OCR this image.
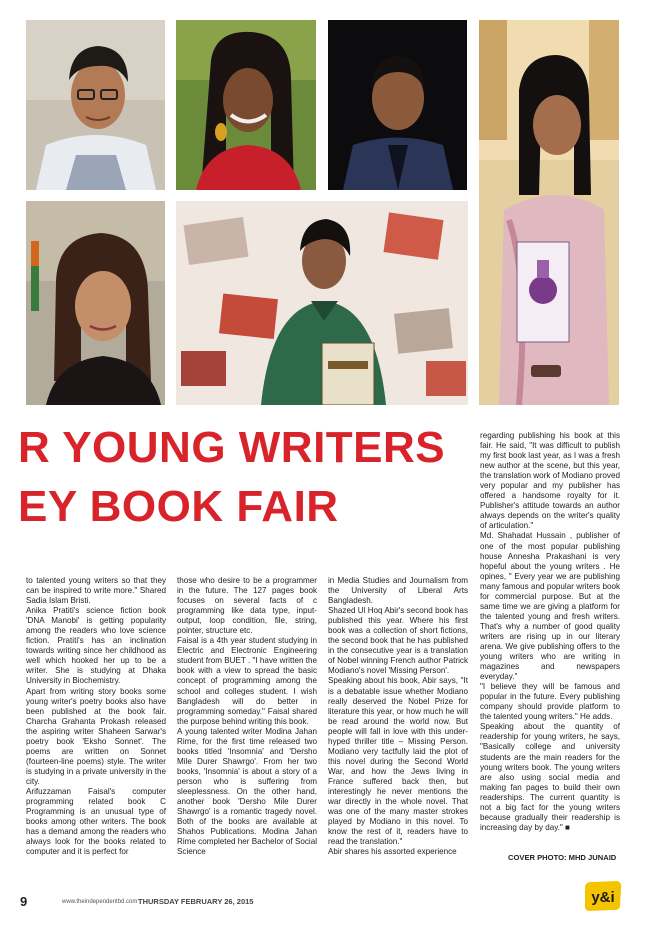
R YOUNG WRITERS
EY BOOK FAIR

to talented young writers so that they can be inspired to write more." Shared Sadia Islam Bristi.

Anika Pratiti's science fiction book 'DNA Manobi' is getting popularity among the readers who love science fiction. Pratiti's has an inclination towards writing since her childhood as well which hooked her up to be a writer. She is studying at Dhaka University in Biochemistry.

Apart from writing story books some young writer's poetry books also have been published at the book fair. Charcha Grahanta Prokash released the aspiring writer Shaheen Sarwar's poetry book 'Eksho Sonnet'. The poems are written on Sonnet (fourteen-line poems) style. The writer is studying in a private university in the city.

Arifuzzaman Faisal's computer programming related book C Programming is an unusual type of books among other writers. The book has a demand among the readers who always look for the books related to computer and it is perfect for

those who desire to be a programmer in the future. The 127 pages book focuses on several facts of c programming like data type, input-output, loop condition, file, string, pointer, structure etc.

Faisal is a 4th year student studying in Electric and Electronic Engineering student from BUET . "I have written the book with a view to spread the basic concept of programming among the school and colleges student. I wish Bangladesh will do better in programming someday." Faisal shared the purpose behind writing this book.

A young talented writer Modina Jahan Rime, for the first time released two books titled 'Insomnia' and 'Dersho Mile Durer Shawrgo'. From her two books, 'Insomnia' is about a story of a person who is suffering from sleeplessness. On the other hand, another book 'Dersho Mile Durer Shawrgo' is a romantic tragedy novel. Both of the books are available at Shahos Publications. Modina Jahan Rime completed her Bachelor of Social Science

in Media Studies and Journalism from the University of Liberal Arts Bangladesh.

Shazed Ul Hoq Abir's second book has published this year. Where his first book was a collection of short fictions, the second book that he has published in the consecutive year is a translation of Nobel winning French author Patrick Modiano's novel 'Missing Person'.

Speaking about his book, Abir says, "It is a debatable issue whether Modiano really deserved the Nobel Prize for literature this year, or how much he will be read around the world now. But people will fall in love with this under-hyped thriller title – Missing Person. Modiano very tactfully laid the plot of this novel during the Second World War, and how the Jews living in France suffered back then, but interestingly he never mentions the war directly in the whole novel. That was one of the many master strokes played by Modiano in this novel. To know the rest of it, readers have to read the translation."

Abir shares his assorted experience

regarding publishing his book at this fair. He said, "It was difficult to publish my first book last year, as I was a fresh new author at the scene, but this year, the translation work of Modiano proved very popular and my publisher has offered a handsome royalty for it. Publisher's attitude towards an author always depends on the writer's quality of articulation."

Md. Shahadat Hussain , publisher of one of the most popular publishing house Annesha Prakashani is very hopeful about the young writers . He opines, " Every year we are publishing many famous and popular writers book for commercial purpose. But at the same time we are giving a platform for the talented young and fresh writers. That's why a number of good quality writers are rising up in our literary arena. We give publishing offers to the young writers who are writing in magazines and newspapers everyday."

"I believe they will be famous and popular in the future. Every publishing company should provide platform to the talented young writers." He adds.

Speaking about the quantity of readership for young writers, he says, "Basically college and university students are the main readers for the young writers book. The young writers are also using social media and making fan pages to build their own readerships. The current quantity is not a big fact for the young writers because gradually their readership is increasing day by day." ■

COVER PHOTO: MHD JUNAID
9	www.theindependentbd.com THURSDAY FEBRUARY 26, 2015	y&i
